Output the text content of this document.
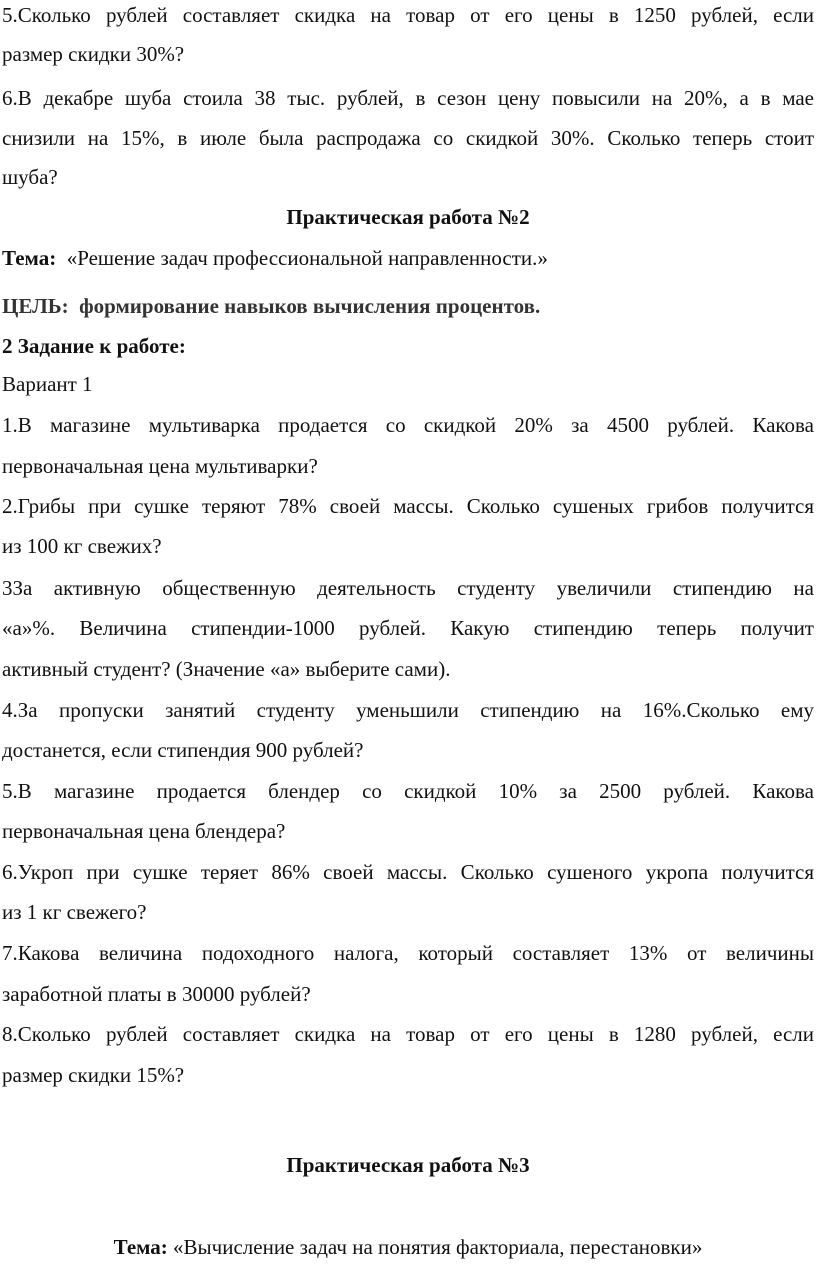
5.Сколько рублей составляет скидка на товар от его цены в 1250 рублей, если
размер скидки 30%?
6.В декабре шуба стоила 38 тыс. рублей, в сезон цену повысили на 20%, а в мае
снизили на 15%, в июле была распродажа со скидкой 30%. Сколько теперь стоит
шуба?
Практическая работа №2
Тема: «Решение задач профессиональной направленности.»
ЦЕЛЬ: формирование навыков вычисления процентов.
2 Задание к работе:
Вариант 1
1.В магазине мультиварка продается со скидкой 20% за 4500 рублей. Какова
первоначальная цена мультиварки?
2.Грибы при сушке теряют 78% своей массы. Сколько сушеных грибов получится
из 100 кг свежих?
3За активную общественную деятельность студенту увеличили стипендию на
«а»%. Величина стипендии-1000 рублей. Какую стипендию теперь получит
активный студент? (Значение «а» выберите сами).
4.За пропуски занятий студенту уменьшили стипендию на 16%.Сколько ему
достанется, если стипендия 900 рублей?
5.В магазине продается блендер со скидкой 10% за 2500 рублей. Какова
первоначальная цена блендера?
6.Укроп при сушке теряет 86% своей массы. Сколько сушеного укропа получится
из 1 кг свежего?
7.Какова величина подоходного налога, который составляет 13% от величины
заработной платы в 30000 рублей?
8.Сколько рублей составляет скидка на товар от его цены в 1280 рублей, если
размер скидки 15%?
Практическая работа №3
Тема: «Вычисление задач на понятия факториала, перестановки»
